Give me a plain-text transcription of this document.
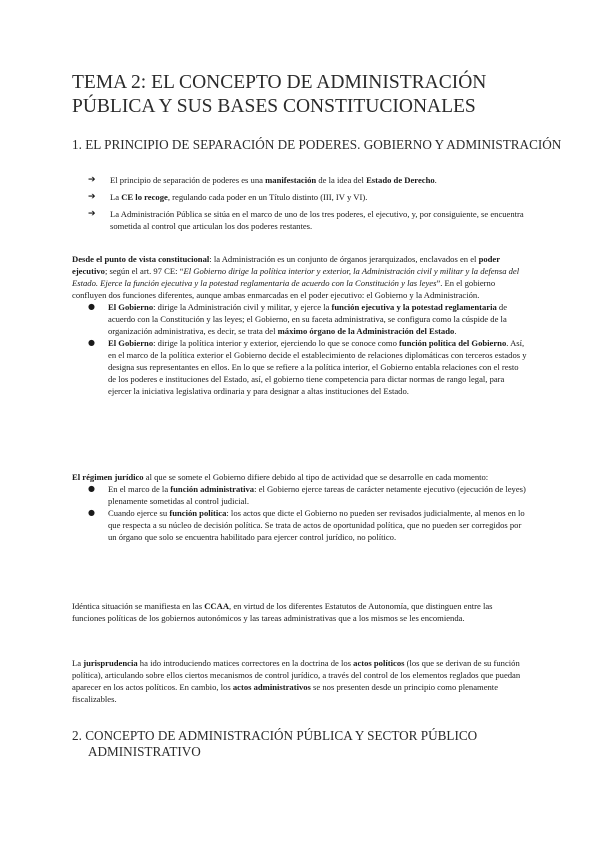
TEMA 2: EL CONCEPTO DE ADMINISTRACIÓN PÚBLICA Y SUS BASES CONSTITUCIONALES
1. EL PRINCIPIO DE SEPARACIÓN DE PODERES. GOBIERNO Y ADMINISTRACIÓN
➔ El principio de separación de poderes es una manifestación de la idea del Estado de Derecho.
➔ La CE lo recoge, regulando cada poder en un Título distinto (III, IV y VI).
➔ La Administración Pública se sitúa en el marco de uno de los tres poderes, el ejecutivo, y, por consiguiente, se encuentra sometida al control que articulan los dos poderes restantes.
Desde el punto de vista constitucional: la Administración es un conjunto de órganos jerarquizados, enclavados en el poder ejecutivo; según el art. 97 CE: “El Gobierno dirige la política interior y exterior, la Administración civil y militar y la defensa del Estado. Ejerce la función ejecutiva y la potestad reglamentaria de acuerdo con la Constitución y las leyes”. En el gobierno confluyen dos funciones diferentes, aunque ambas enmarcadas en el poder ejecutivo: el Gobierno y la Administración.
● El Gobierno: dirige la Administración civil y militar, y ejerce la función ejecutiva y la potestad reglamentaria de acuerdo con la Constitución y las leyes; el Gobierno, en su faceta administrativa, se configura como la cúspide de la organización administrativa, es decir, se trata del máximo órgano de la Administración del Estado.
● El Gobierno: dirige la política interior y exterior, ejerciendo lo que se conoce como función política del Gobierno. Así, en el marco de la política exterior el Gobierno decide el establecimiento de relaciones diplomáticas con terceros estados y designa sus representantes en ellos. En lo que se refiere a la política interior, el Gobierno entabla relaciones con el resto de los poderes e instituciones del Estado, así, el gobierno tiene competencia para dictar normas de rango legal, para ejercer la iniciativa legislativa ordinaria y para designar a altas instituciones del Estado.
El régimen jurídico al que se somete el Gobierno difiere debido al tipo de actividad que se desarrolle en cada momento:
● En el marco de la función administrativa: el Gobierno ejerce tareas de carácter netamente ejecutivo (ejecución de leyes) plenamente sometidas al control judicial.
● Cuando ejerce su función política: los actos que dicte el Gobierno no pueden ser revisados judicialmente, al menos en lo que respecta a su núcleo de decisión política. Se trata de actos de oportunidad política, que no pueden ser corregidos por un órgano que solo se encuentra habilitado para ejercer control jurídico, no político.
Idéntica situación se manifiesta en las CCAA, en virtud de los diferentes Estatutos de Autonomía, que distinguen entre las funciones políticas de los gobiernos autonómicos y las tareas administrativas que a los mismos se les encomienda.
La jurisprudencia ha ido introduciendo matices correctores en la doctrina de los actos políticos (los que se derivan de su función política), articulando sobre ellos ciertos mecanismos de control jurídico, a través del control de los elementos reglados que puedan aparecer en los actos políticos. En cambio, los actos administrativos se nos presenten desde un principio como plenamente fiscalizables.
2. CONCEPTO DE ADMINISTRACIÓN PÚBLICA Y SECTOR PÚBLICO
ADMINISTRATIVO
